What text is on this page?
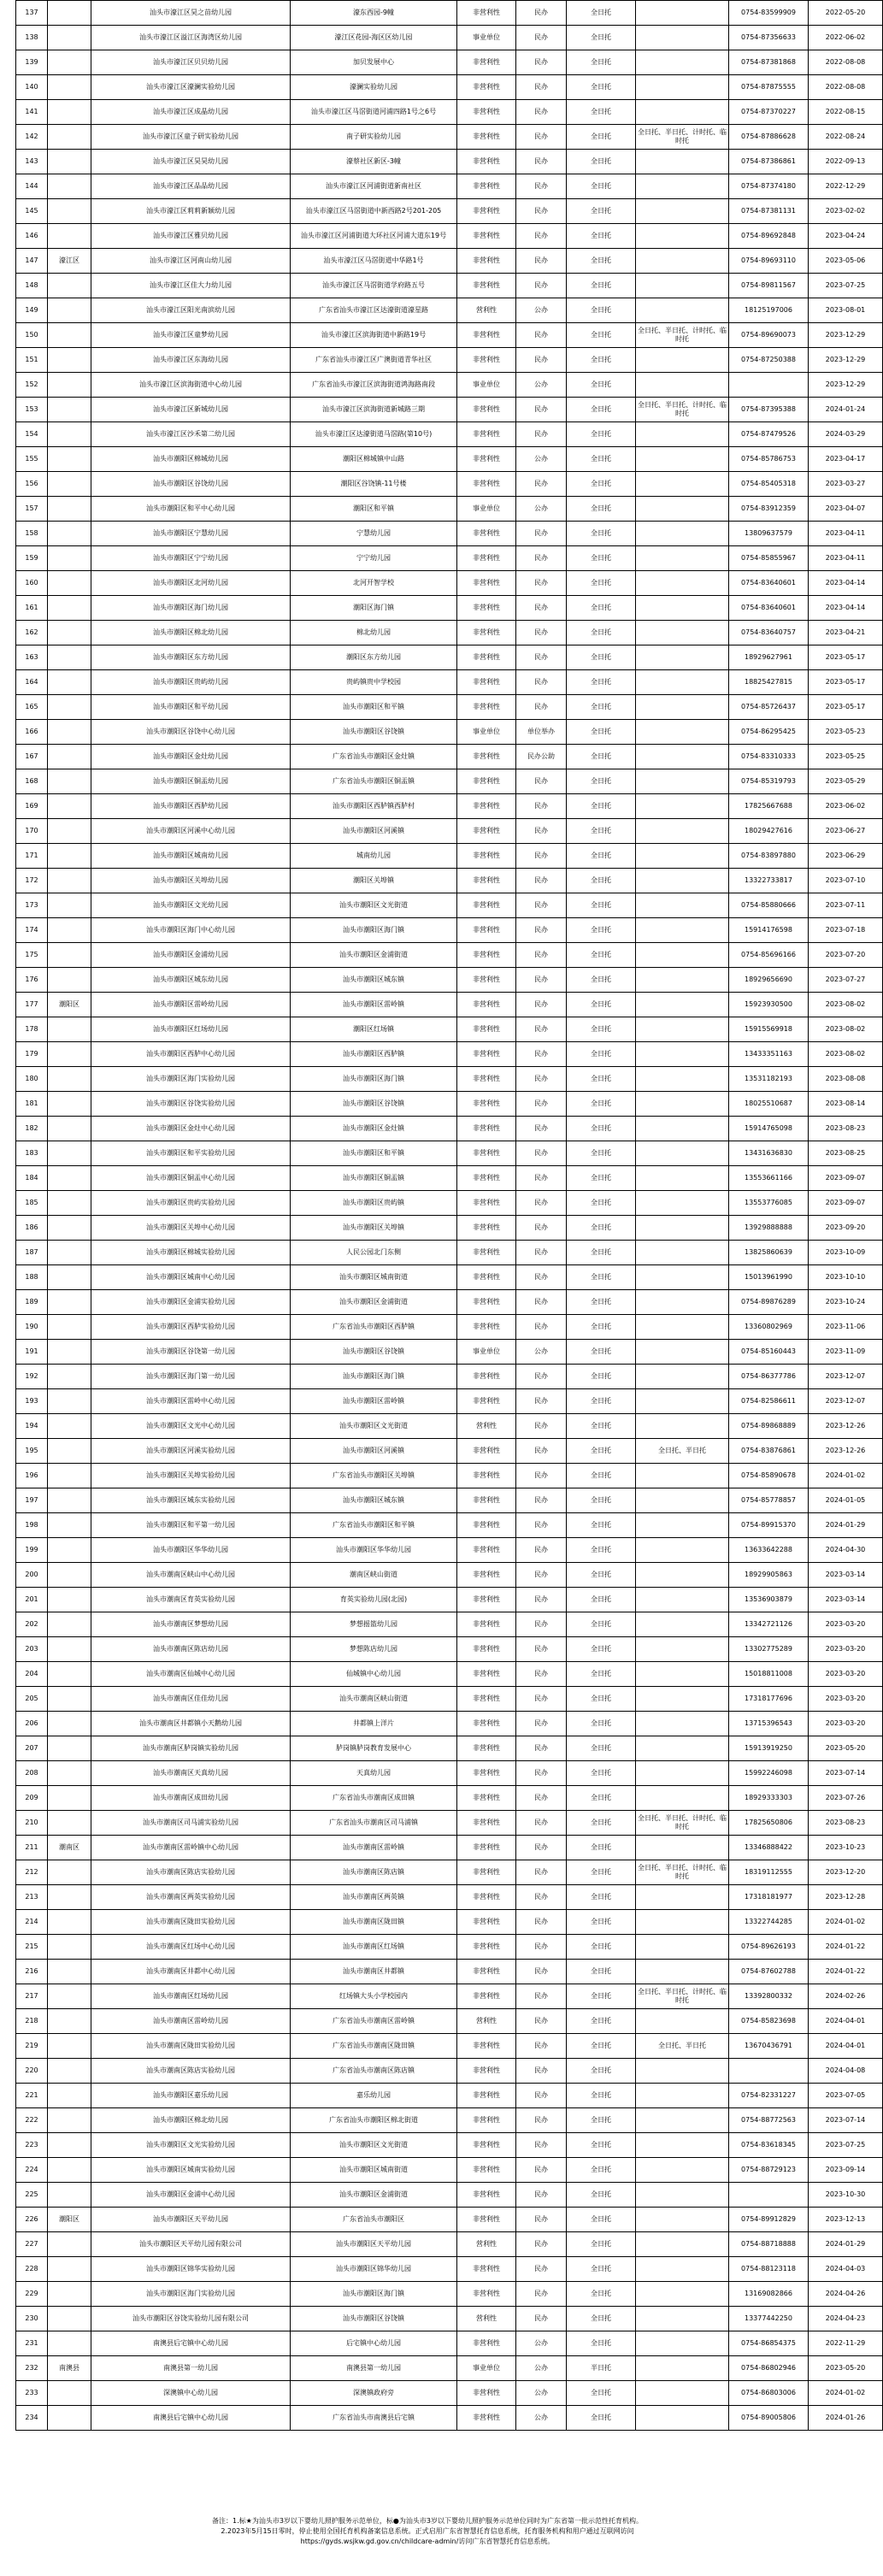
137		汕头市濠江区昊之苗幼儿园	濠东西园-9幢	非营利性	民办	全日托		0754-83599909	2022-05-20	
138		汕头市濠江区溢江区海湾区幼儿园	濠江区花园-海区区幼儿园	事业单位	民办	全日托		0754-87356633	2022-06-02	
139		汕头市濠江区贝贝幼儿园	加贝发展中心	非营利性	民办	全日托		0754-87381868	2022-08-08	
140		汕头市濠江区濠澜实验幼儿园	濠澜实验幼儿园	非营利性	民办	全日托		0754-87875555	2022-08-08	
141		汕头市濠江区成晶幼儿园	汕头市濠江区马滘街道河浦四路1号之6号	非营利性	民办	全日托		0754-87370227	2022-08-15	
142		汕头市濠江区童子研实验幼儿园	南子研实验幼儿园	非营利性	民办	全日托	全日托、半日托、计时托、临时托	0754-87886628	2022-08-24	
143		汕头市濠江区昊昊幼儿园	濠蔡社区新区-3幢	非营利性	民办	全日托		0754-87386861	2022-09-13	
144		汕头市濠江区品品幼儿园	汕头市濠江区河浦街道新南社区	非营利性	民办	全日托		0754-87374180	2022-12-29	
145		汕头市濠江区莉莉新颖幼儿园	汕头市濠江区马滘街道中新西路2号201-205	非营利性	民办	全日托		0754-87381131	2023-02-02	
146		汕头市濠江区雅贝幼儿园	汕头市濠江区河浦街道大环社区河浦大道东19号	非营利性	民办	全日托		0754-89692848	2023-04-24	
147	濠江区	汕头市濠江区河南山幼儿园	汕头市濠江区马滘街道中华路1号	非营利性	民办	全日托		0754-89693110	2023-05-06	
148		汕头市濠江区佳大力幼儿园	汕头市濠江区马滘街道学府路五号	非营利性	民办	全日托		0754-89811567	2023-07-25	
149		汕头市濠江区阳光南滨幼儿园	广东省汕头市濠江区达濠街道濠星路	营利性	公办	全日托		18125197006	2023-08-01	
150		汕头市濠江区童梦幼儿园	汕头市濠江区滨海街道中新路19号	非营利性	民办	全日托	全日托、半日托、计时托、临时托	0754-89690073	2023-12-29	
151		汕头市濠江区东海幼儿园	广东省汕头市濠江区广澳街道青华社区	非营利性	民办	全日托		0754-87250388	2023-12-29	
152		汕头市濠江区滨海街道中心幼儿园	广东省汕头市濠江区滨海街道鸿海路南段	事业单位	公办	全日托			2023-12-29	
153		汕头市濠江区新城幼儿园	汕头市濠江区滨海街道新城路三期	非营利性	民办	全日托	全日托、半日托、计时托、临时托	0754-87395388	2024-01-24	
154		汕头市濠江区沙禾第二幼儿园	汕头市濠江区达濠街道马滘路(第10号)	非营利性	民办	全日托		0754-87479526	2024-03-29	
155		汕头市潮阳区棉城幼儿园	潮阳区棉城镇中山路	非营利性	公办	全日托		0754-85786753	2023-04-17	
156		汕头市潮阳区谷饶幼儿园	潮阳区谷饶镇-11号楼	非营利性	民办	全日托		0754-85405318	2023-03-27	
157		汕头市潮阳区和平中心幼儿园	潮阳区和平镇	事业单位	公办	全日托		0754-83912359	2023-04-07	
158		汕头市潮阳区宁慧幼儿园	宁慧幼儿园	非营利性	民办	全日托		13809637579	2023-04-11	
159		汕头市潮阳区宁宁幼儿园	宁宁幼儿园	非营利性	民办	全日托		0754-85855967	2023-04-11	
160		汕头市潮阳区北河幼儿园	北河开智学校	非营利性	民办	全日托		0754-83640601	2023-04-14	
161		汕头市潮阳区海门幼儿园	潮阳区海门镇	非营利性	民办	全日托		0754-83640601	2023-04-14	
162		汕头市潮阳区棉北幼儿园	棉北幼儿园	非营利性	民办	全日托		0754-83640757	2023-04-21	
163		汕头市潮阳区东方幼儿园	潮阳区东方幼儿园	非营利性	民办	全日托		18929627961	2023-05-17	
164		汕头市潮阳区贵屿幼儿园	贵屿镇贵中学校园	非营利性	民办	全日托		18825427815	2023-05-17	
165		汕头市潮阳区和平幼儿园	汕头市潮阳区和平镇	非营利性	民办	全日托		0754-85726437	2023-05-17	
166		汕头市潮阳区谷饶中心幼儿园	汕头市潮阳区谷饶镇	事业单位	单位举办	全日托		0754-86295425	2023-05-23	
167		汕头市潮阳区金灶幼儿园	广东省汕头市潮阳区金灶镇	非营利性	民办公助	全日托		0754-83310333	2023-05-25	
168		汕头市潮阳区铜盂幼儿园	广东省汕头市潮阳区铜盂镇	非营利性	民办	全日托		0754-85319793	2023-05-29	
169		汕头市潮阳区西胪幼儿园	汕头市潮阳区西胪镇西胪村	非营利性	民办	全日托		17825667688	2023-06-02	
170		汕头市潮阳区河溪中心幼儿园	汕头市潮阳区河溪镇	非营利性	民办	全日托		18029427616	2023-06-27	
171		汕头市潮阳区城南幼儿园	城南幼儿园	非营利性	民办	全日托		0754-83897880	2023-06-29	
172		汕头市潮阳区关埠幼儿园	潮阳区关埠镇	非营利性	民办	全日托		13322733817	2023-07-10	
173		汕头市潮阳区文光幼儿园	汕头市潮阳区文光街道	非营利性	民办	全日托		0754-85880666	2023-07-11	
174		汕头市潮阳区海门中心幼儿园	汕头市潮阳区海门镇	非营利性	民办	全日托		15914176598	2023-07-18	
175		汕头市潮阳区金浦幼儿园	汕头市潮阳区金浦街道	非营利性	民办	全日托		0754-85696166	2023-07-20	
176		汕头市潮阳区城东幼儿园	汕头市潮阳区城东镇	非营利性	民办	全日托		18929656690	2023-07-27	
177	潮阳区	汕头市潮阳区雷岭幼儿园	汕头市潮阳区雷岭镇	非营利性	民办	全日托		15923930500	2023-08-02	
178		汕头市潮阳区红场幼儿园	潮阳区红场镇	非营利性	民办	全日托		15915569918	2023-08-02	
179		汕头市潮阳区西胪中心幼儿园	汕头市潮阳区西胪镇	非营利性	民办	全日托		13433351163	2023-08-02	
180		汕头市潮阳区海门实验幼儿园	汕头市潮阳区海门镇	非营利性	民办	全日托		13531182193	2023-08-08	
181		汕头市潮阳区谷饶实验幼儿园	汕头市潮阳区谷饶镇	非营利性	民办	全日托		18025510687	2023-08-14	
182		汕头市潮阳区金灶中心幼儿园	汕头市潮阳区金灶镇	非营利性	民办	全日托		15914765098	2023-08-23	
183		汕头市潮阳区和平实验幼儿园	汕头市潮阳区和平镇	非营利性	民办	全日托		13431636830	2023-08-25	
184		汕头市潮阳区铜盂中心幼儿园	汕头市潮阳区铜盂镇	非营利性	民办	全日托		13553661166	2023-09-07	
185		汕头市潮阳区贵屿实验幼儿园	汕头市潮阳区贵屿镇	非营利性	民办	全日托		13553776085	2023-09-07	
186		汕头市潮阳区关埠中心幼儿园	汕头市潮阳区关埠镇	非营利性	民办	全日托		13929888888	2023-09-20	
187		汕头市潮阳区棉城实验幼儿园	人民公园北门东侧	非营利性	民办	全日托		13825860639	2023-10-09	
188		汕头市潮阳区城南中心幼儿园	汕头市潮阳区城南街道	非营利性	民办	全日托		15013961990	2023-10-10	
189		汕头市潮阳区金浦实验幼儿园	汕头市潮阳区金浦街道	非营利性	民办	全日托		0754-89876289	2023-10-24	
190		汕头市潮阳区西胪实验幼儿园	广东省汕头市潮阳区西胪镇	非营利性	民办	全日托		13360802969	2023-11-06	
191		汕头市潮阳区谷饶第一幼儿园	汕头市潮阳区谷饶镇	事业单位	公办	全日托		0754-85160443	2023-11-09	
192		汕头市潮阳区海门第一幼儿园	汕头市潮阳区海门镇	非营利性	民办	全日托		0754-86377786	2023-12-07	
193		汕头市潮阳区雷岭中心幼儿园	汕头市潮阳区雷岭镇	非营利性	民办	全日托		0754-82586611	2023-12-07	
194		汕头市潮阳区文光中心幼儿园	汕头市潮阳区文光街道	营利性	民办	全日托		0754-89868889	2023-12-26	
195		汕头市潮阳区河溪实验幼儿园	汕头市潮阳区河溪镇	非营利性	民办	全日托	全日托、半日托	0754-83876861	2023-12-26	
196		汕头市潮阳区关埠实验幼儿园	广东省汕头市潮阳区关埠镇	非营利性	民办	全日托		0754-85890678	2024-01-02	
197		汕头市潮阳区城东实验幼儿园	汕头市潮阳区城东镇	非营利性	民办	全日托		0754-85778857	2024-01-05	
198		汕头市潮阳区和平第一幼儿园	广东省汕头市潮阳区和平镇	非营利性	民办	全日托		0754-89915370	2024-01-29	
199		汕头市潮阳区华华幼儿园	汕头市潮阳区华华幼儿园	非营利性	民办	全日托		13633642288	2024-04-30	
200		汕头市潮南区峡山中心幼儿园	潮南区峡山街道	非营利性	民办	全日托		18929905863	2023-03-14	
201		汕头市潮南区育英实验幼儿园	育英实验幼儿园(北园)	非营利性	民办	全日托		13536903879	2023-03-14	
202		汕头市潮南区梦想幼儿园	梦想摇篮幼儿园	非营利性	民办	全日托		13342721126	2023-03-20	
203		汕头市潮南区陈店幼儿园	梦想陈店幼儿园	非营利性	民办	全日托		13302775289	2023-03-20	
204		汕头市潮南区仙城中心幼儿园	仙城镇中心幼儿园	非营利性	民办	全日托		15018811008	2023-03-20	
205		汕头市潮南区佳佳幼儿园	汕头市潮南区峡山街道	非营利性	民办	全日托		17318177696	2023-03-20	
206		汕头市潮南区井都镇小天鹅幼儿园	井都镇上洋片	非营利性	民办	全日托		13715396543	2023-03-20	
207		汕头市潮南区胪岗镇实验幼儿园	胪岗镇胪岗教育发展中心	非营利性	民办	全日托		15913919250	2023-05-20	
208		汕头市潮南区天真幼儿园	天真幼儿园	非营利性	民办	全日托		15992246098	2023-07-14	
209		汕头市潮南区成田幼儿园	广东省汕头市潮南区成田镇	非营利性	民办	全日托		18929333303	2023-07-26	
210		汕头市潮南区司马浦实验幼儿园	广东省汕头市潮南区司马浦镇	非营利性	民办	全日托	全日托、半日托、计时托、临时托	17825650806	2023-08-23	
211	潮南区	汕头市潮南区雷岭镇中心幼儿园	汕头市潮南区雷岭镇	非营利性	民办	全日托		13346888422	2023-10-23	
212		汕头市潮南区陈店实验幼儿园	汕头市潮南区陈店镇	非营利性	民办	全日托	全日托、半日托、计时托、临时托	18319112555	2023-12-20	
213		汕头市潮南区两英实验幼儿园	汕头市潮南区两英镇	非营利性	民办	全日托		17318181977	2023-12-28	
214		汕头市潮南区陇田实验幼儿园	汕头市潮南区陇田镇	非营利性	民办	全日托		13322744285	2024-01-02	
215		汕头市潮南区红场中心幼儿园	汕头市潮南区红场镇	非营利性	民办	全日托		0754-89626193	2024-01-22	
216		汕头市潮南区井都中心幼儿园	汕头市潮南区井都镇	非营利性	民办	全日托		0754-87602788	2024-01-22	
217		汕头市潮南区红场幼儿园	红场镇大头小学校园内	非营利性	民办	全日托	全日托、半日托、计时托、临时托	13392800332	2024-02-26	
218		汕头市潮南区雷岭幼儿园	广东省汕头市潮南区雷岭镇	营利性	民办	全日托		0754-85823698	2024-04-01	
219		汕头市潮南区陇田实验幼儿园	广东省汕头市潮南区陇田镇	非营利性	民办	全日托	全日托、半日托	13670436791	2024-04-01	
220		汕头市潮南区陈店实验幼儿园	广东省汕头市潮南区陈店镇	非营利性	民办	全日托			2024-04-08	
221		汕头市潮阳区嘉乐幼儿园	嘉乐幼儿园	非营利性	民办	全日托		0754-82331227	2023-07-05	
222		汕头市潮阳区棉北幼儿园	广东省汕头市潮阳区棉北街道	非营利性	民办	全日托		0754-88772563	2023-07-14	
223		汕头市潮阳区文光实验幼儿园	汕头市潮阳区文光街道	非营利性	民办	全日托		0754-83618345	2023-07-25	
224		汕头市潮阳区城南实验幼儿园	汕头市潮阳区城南街道	非营利性	民办	全日托		0754-88729123	2023-09-14	
225		汕头市潮阳区金浦中心幼儿园	汕头市潮阳区金浦街道	非营利性	民办	全日托			2023-10-30	
226	潮阳区	汕头市潮阳区天平幼儿园	广东省汕头市潮阳区	非营利性	民办	全日托		0754-89912829	2023-12-13	
227		汕头市潮阳区天平幼儿园有限公司	汕头市潮阳区天平幼儿园	营利性	民办	全日托		0754-88718888	2024-01-29	
228		汕头市潮阳区锦华实验幼儿园	汕头市潮阳区锦华幼儿园	非营利性	民办	全日托		0754-88123118	2024-04-03	
229		汕头市潮阳区海门实验幼儿园	汕头市潮阳区海门镇	非营利性	民办	全日托		13169082866	2024-04-26	
230		汕头市潮阳区谷饶实验幼儿园有限公司	汕头市潮阳区谷饶镇	营利性	民办	全日托		13377442250	2024-04-23	
231		南澳县后宅镇中心幼儿园	后宅镇中心幼儿园	非营利性	公办	全日托		0754-86854375	2022-11-29	
232	南澳县	南澳县第一幼儿园	南澳县第一幼儿园	事业单位	公办	半日托		0754-86802946	2023-05-20	
233		深澳镇中心幼儿园	深澳镇政府旁	非营利性	公办	全日托		0754-86803006	2024-01-02	
234		南澳县后宅镇中心幼儿园	广东省汕头市南澳县后宅镇	非营利性	公办	全日托		0754-89005806	2024-01-26	
备注：1.标★为汕头市3岁以下婴幼儿照护服务示范单位，标●为汕头市3岁以下婴幼儿照护服务示范单位同时为广东省第一批示范性托育机构。
2.2023年5月15日零时，停止使用全国托育机构备案信息系统。正式启用广东省智慧托育信息系统，托育服务机构和用户通过互联网访问
https://gyds.wsjkw.gd.gov.cn/childcare-admin/访问广东省智慧托育信息系统。
